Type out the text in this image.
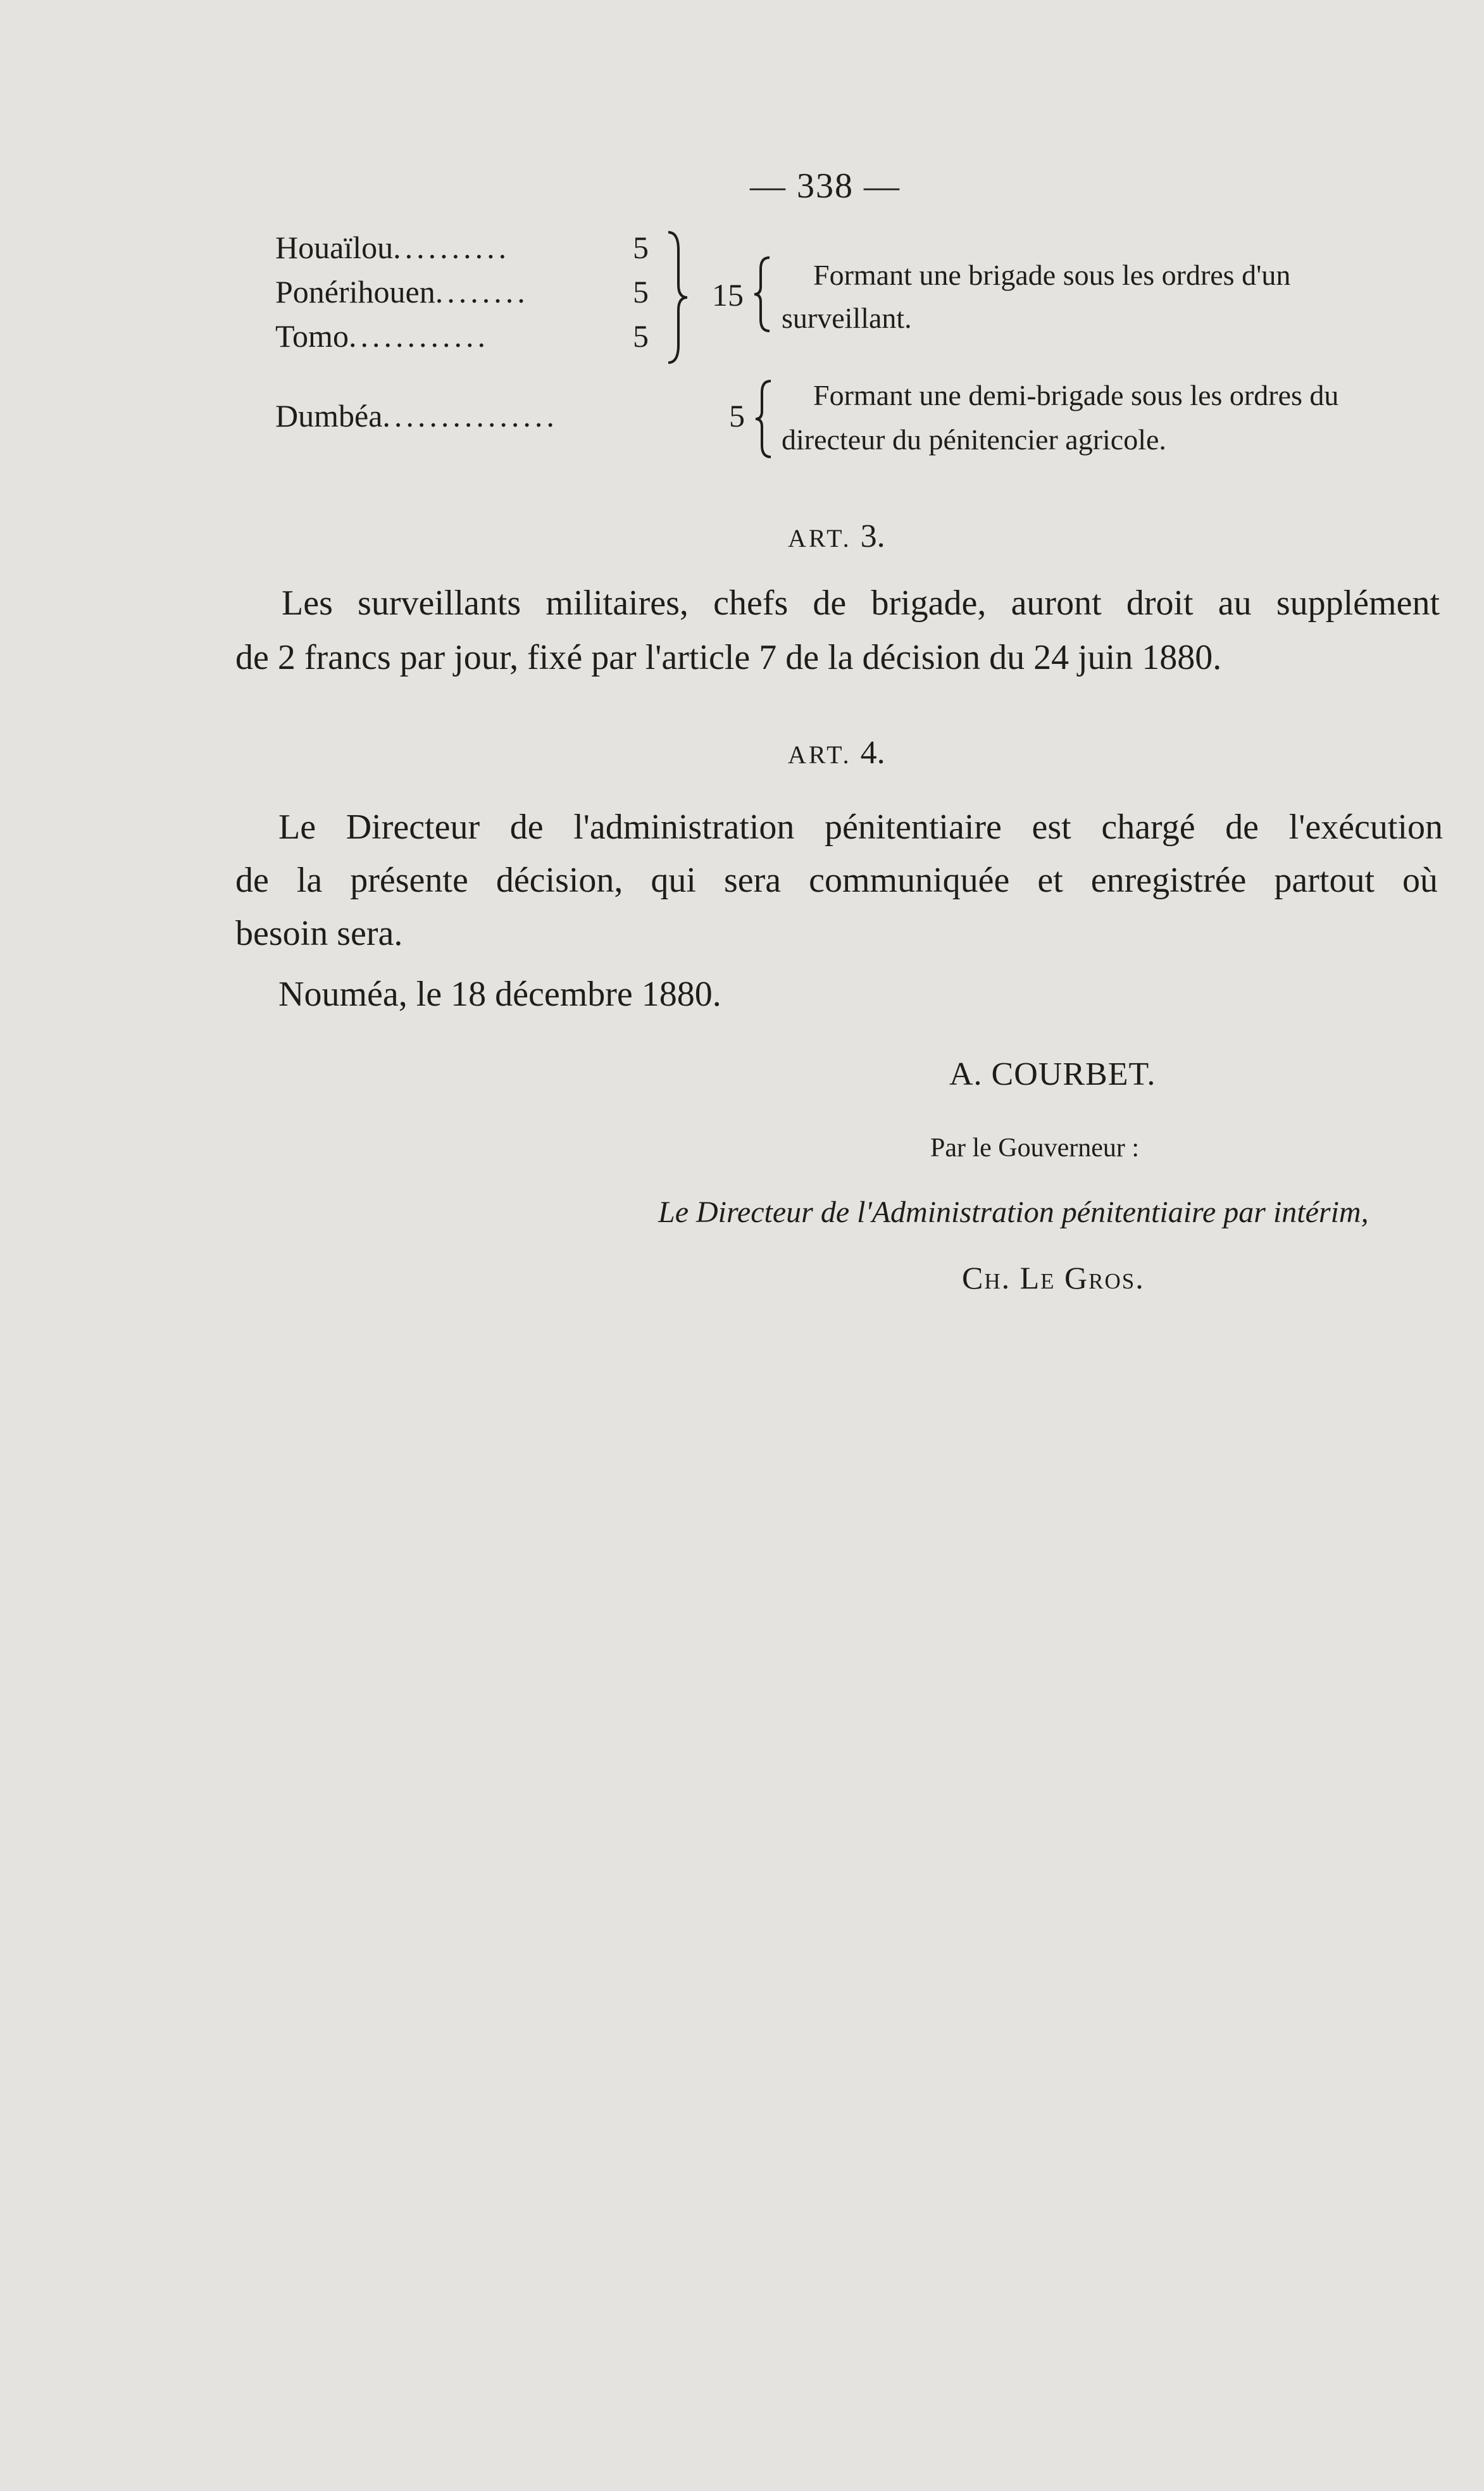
— 338 —
Houaïlou..........	5
Ponérihouen........	5
Tomo............	5
15
Formant une brigade sous les ordres d'un
surveillant.
Dumbéa...............	5
Formant une demi-brigade sous les ordres du
directeur du pénitencier agricole.
ART. 3.
Les surveillants militaires, chefs de brigade, auront droit au supplément
de 2 francs par jour, fixé par l'article 7 de la décision du 24 juin 1880.
ART. 4.
Le Directeur de l'administration pénitentiaire est chargé de l'exécution
de la présente décision, qui sera communiquée et enregistrée partout où
besoin sera.
Nouméa, le 18 décembre 1880.
A. COURBET.
Par le Gouverneur :
Le Directeur de l'Administration pénitentiaire par intérim,
Ch. Le Gros.
